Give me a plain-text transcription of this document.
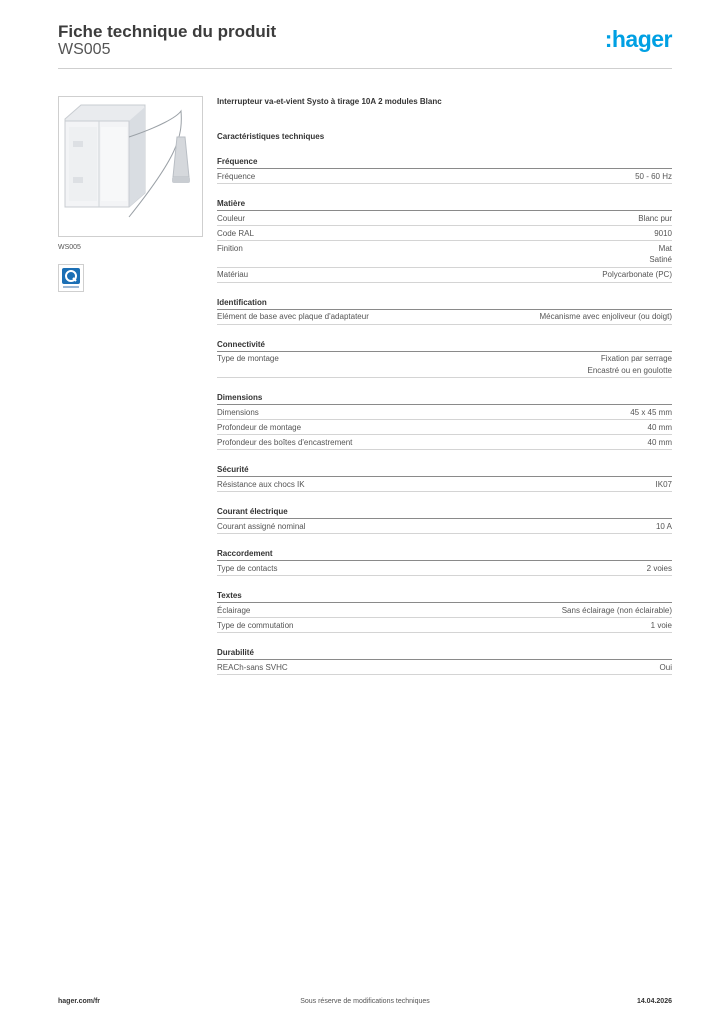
Fiche technique du produit
WS005	:hager
WS005
Interrupteur va-et-vient Systo à tirage 10A 2 modules Blanc
Caractéristiques techniques
Fréquence
Fréquence	50 - 60 Hz
Matière
Couleur	Blanc pur
Code RAL	9010
Finition	Mat
Satiné
Matériau	Polycarbonate (PC)
Identification
Elément de base avec plaque d'adaptateur	Mécanisme avec enjoliveur (ou doigt)
Connectivité
Type de montage	Fixation par serrage
Encastré ou en goulotte
Dimensions
Dimensions	45 x 45 mm
Profondeur de montage	40 mm
Profondeur des boîtes d'encastrement	40 mm
Sécurité
Résistance aux chocs IK	IK07
Courant électrique
Courant assigné nominal	10 A
Raccordement
Type de contacts	2 voies
Textes
Éclairage	Sans éclairage (non éclairable)
Type de commutation	1 voie
Durabilité
REACh-sans SVHC	Oui
hager.com/fr	Sous réserve de modifications techniques	14.04.2026
